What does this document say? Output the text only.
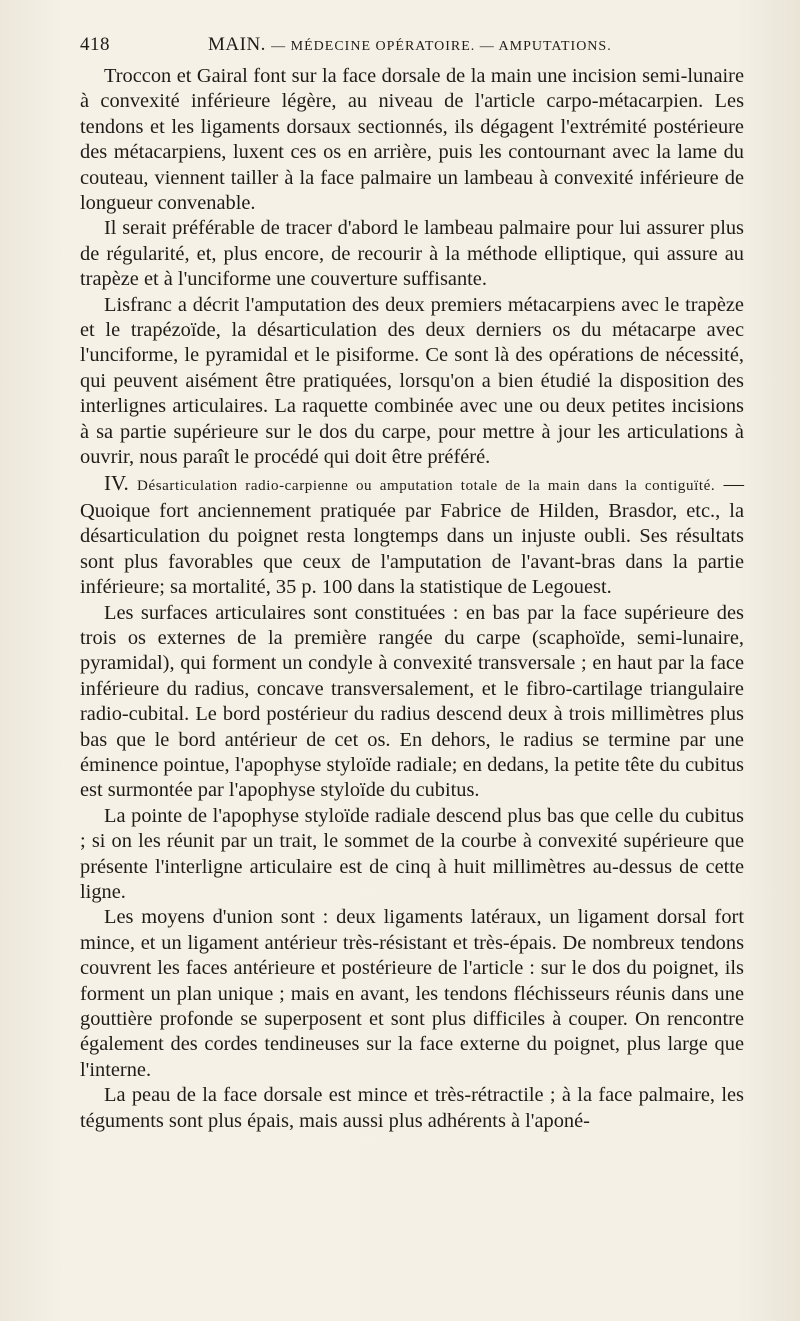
418	MAIN. — MÉDECINE OPÉRATOIRE. — AMPUTATIONS.

Troccon et Gairal font sur la face dorsale de la main une incision semi-lunaire à convexité inférieure légère, au niveau de l'article carpo-métacarpien. Les tendons et les ligaments dorsaux sectionnés, ils dégagent l'extrémité postérieure des métacarpiens, luxent ces os en arrière, puis les contournant avec la lame du couteau, viennent tailler à la face palmaire un lambeau à convexité inférieure de longueur convenable.

Il serait préférable de tracer d'abord le lambeau palmaire pour lui assurer plus de régularité, et, plus encore, de recourir à la méthode elliptique, qui assure au trapèze et à l'unciforme une couverture suffisante.

Lisfranc a décrit l'amputation des deux premiers métacarpiens avec le trapèze et le trapézoïde, la désarticulation des deux derniers os du métacarpe avec l'unciforme, le pyramidal et le pisiforme. Ce sont là des opérations de nécessité, qui peuvent aisément être pratiquées, lorsqu'on a bien étudié la disposition des interlignes articulaires. La raquette combinée avec une ou deux petites incisions à sa partie supérieure sur le dos du carpe, pour mettre à jour les articulations à ouvrir, nous paraît le procédé qui doit être préféré.

IV. Désarticulation radio-carpienne ou amputation totale de la main dans la contiguïté. — Quoique fort anciennement pratiquée par Fabrice de Hilden, Brasdor, etc., la désarticulation du poignet resta longtemps dans un injuste oubli. Ses résultats sont plus favorables que ceux de l'amputation de l'avant-bras dans la partie inférieure; sa mortalité, 35 p. 100 dans la statistique de Legouest.

Les surfaces articulaires sont constituées : en bas par la face supérieure des trois os externes de la première rangée du carpe (scaphoïde, semi-lunaire, pyramidal), qui forment un condyle à convexité transversale ; en haut par la face inférieure du radius, concave transversalement, et le fibro-cartilage triangulaire radio-cubital. Le bord postérieur du radius descend deux à trois millimètres plus bas que le bord antérieur de cet os. En dehors, le radius se termine par une éminence pointue, l'apophyse styloïde radiale; en dedans, la petite tête du cubitus est surmontée par l'apophyse styloïde du cubitus.

La pointe de l'apophyse styloïde radiale descend plus bas que celle du cubitus ; si on les réunit par un trait, le sommet de la courbe à convexité supérieure que présente l'interligne articulaire est de cinq à huit millimètres au-dessus de cette ligne.

Les moyens d'union sont : deux ligaments latéraux, un ligament dorsal fort mince, et un ligament antérieur très-résistant et très-épais. De nombreux tendons couvrent les faces antérieure et postérieure de l'article : sur le dos du poignet, ils forment un plan unique ; mais en avant, les tendons fléchisseurs réunis dans une gouttière profonde se superposent et sont plus difficiles à couper. On rencontre également des cordes tendineuses sur la face externe du poignet, plus large que l'interne.

La peau de la face dorsale est mince et très-rétractile ; à la face palmaire, les téguments sont plus épais, mais aussi plus adhérents à l'aponé-
